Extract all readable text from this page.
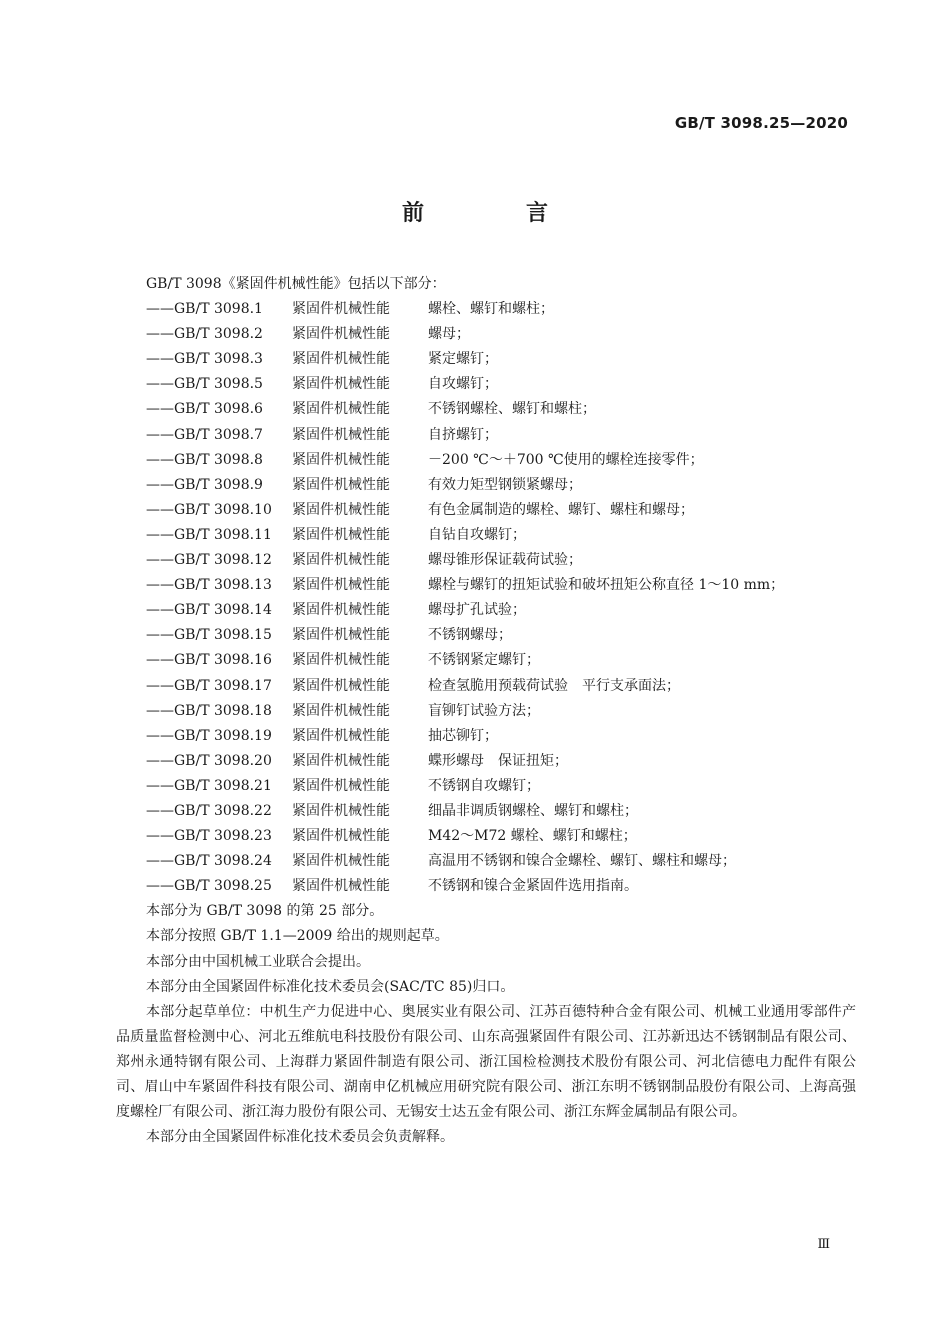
GB/T 3098.25—2020
前　言

GB/T 3098《紧固件机械性能》包括以下部分：

——GB/T 3098.1 紧固件机械性能	螺栓、螺钉和螺柱；

——GB/T 3098.2 紧固件机械性能	螺母；

——GB/T 3098.3 紧固件机械性能	紧定螺钉；

——GB/T 3098.5 紧固件机械性能	自攻螺钉；

——GB/T 3098.6 紧固件机械性能	不锈钢螺栓、螺钉和螺柱；

——GB/T 3098.7 紧固件机械性能	自挤螺钉；

——GB/T 3098.8 紧固件机械性能	－200 ℃～＋700 ℃使用的螺栓连接零件；

——GB/T 3098.9 紧固件机械性能	有效力矩型钢锁紧螺母；

——GB/T 3098.10 紧固件机械性能	有色金属制造的螺栓、螺钉、螺柱和螺母；

——GB/T 3098.11 紧固件机械性能	自钻自攻螺钉；

——GB/T 3098.12 紧固件机械性能	螺母锥形保证载荷试验；

——GB/T 3098.13 紧固件机械性能	螺栓与螺钉的扭矩试验和破坏扭矩公称直径 1～10 mm；

——GB/T 3098.14 紧固件机械性能	螺母扩孔试验；

——GB/T 3098.15 紧固件机械性能	不锈钢螺母；

——GB/T 3098.16 紧固件机械性能	不锈钢紧定螺钉；

——GB/T 3098.17 紧固件机械性能	检查氢脆用预载荷试验　平行支承面法；

——GB/T 3098.18 紧固件机械性能	盲铆钉试验方法；

——GB/T 3098.19 紧固件机械性能	抽芯铆钉；

——GB/T 3098.20 紧固件机械性能	蝶形螺母　保证扭矩；

——GB/T 3098.21 紧固件机械性能	不锈钢自攻螺钉；

——GB/T 3098.22 紧固件机械性能	细晶非调质钢螺栓、螺钉和螺柱；

——GB/T 3098.23 紧固件机械性能	M42～M72 螺栓、螺钉和螺柱；

——GB/T 3098.24 紧固件机械性能	高温用不锈钢和镍合金螺栓、螺钉、螺柱和螺母；

——GB/T 3098.25 紧固件机械性能	不锈钢和镍合金紧固件选用指南。

本部分为 GB/T 3098 的第 25 部分。

本部分按照 GB/T 1.1—2009 给出的规则起草。

本部分由中国机械工业联合会提出。

本部分由全国紧固件标准化技术委员会(SAC/TC 85)归口。

本部分起草单位：中机生产力促进中心、奥展实业有限公司、江苏百德特种合金有限公司、机械工业通用零部件产品质量监督检测中心、河北五维航电科技股份有限公司、山东高强紧固件有限公司、江苏新迅达不锈钢制品有限公司、郑州永通特钢有限公司、上海群力紧固件制造有限公司、浙江国检检测技术股份有限公司、河北信德电力配件有限公司、眉山中车紧固件科技有限公司、湖南申亿机械应用研究院有限公司、浙江东明不锈钢制品股份有限公司、上海高强度螺栓厂有限公司、浙江海力股份有限公司、无锡安士达五金有限公司、浙江东辉金属制品有限公司。

本部分由全国紧固件标准化技术委员会负责解释。

Ⅲ
